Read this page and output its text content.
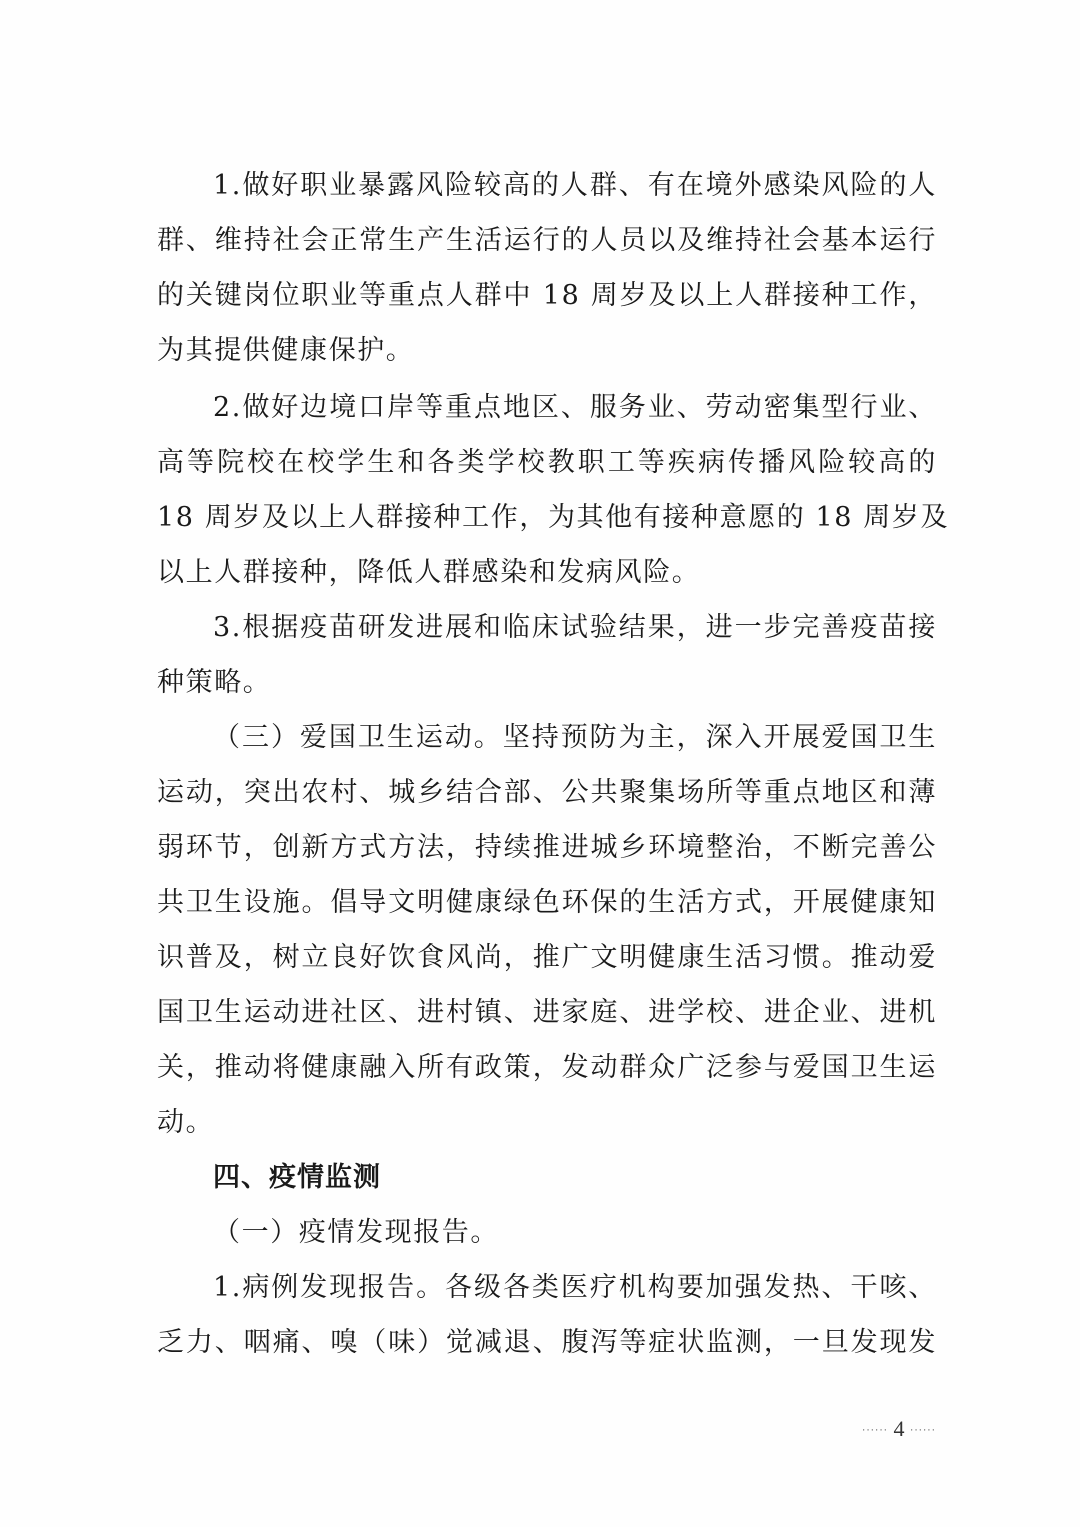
1.做好职业暴露风险较高的人群、有在境外感染风险的人
群、维持社会正常生产生活运行的人员以及维持社会基本运行
的关键岗位职业等重点人群中 18 周岁及以上人群接种工作，
为其提供健康保护。
2.做好边境口岸等重点地区、服务业、劳动密集型行业、
高等院校在校学生和各类学校教职工等疾病传播风险较高的
18 周岁及以上人群接种工作，为其他有接种意愿的 18 周岁及
以上人群接种，降低人群感染和发病风险。
3.根据疫苗研发进展和临床试验结果，进一步完善疫苗接
种策略。
（三）爱国卫生运动。坚持预防为主，深入开展爱国卫生
运动，突出农村、城乡结合部、公共聚集场所等重点地区和薄
弱环节，创新方式方法，持续推进城乡环境整治，不断完善公
共卫生设施。倡导文明健康绿色环保的生活方式，开展健康知
识普及，树立良好饮食风尚，推广文明健康生活习惯。推动爱
国卫生运动进社区、进村镇、进家庭、进学校、进企业、进机
关，推动将健康融入所有政策，发动群众广泛参与爱国卫生运
动。
四、疫情监测
（一）疫情发现报告。
1.病例发现报告。各级各类医疗机构要加强发热、干咳、
乏力、咽痛、嗅（味）觉减退、腹泻等症状监测，一旦发现发
······ 4 ······
